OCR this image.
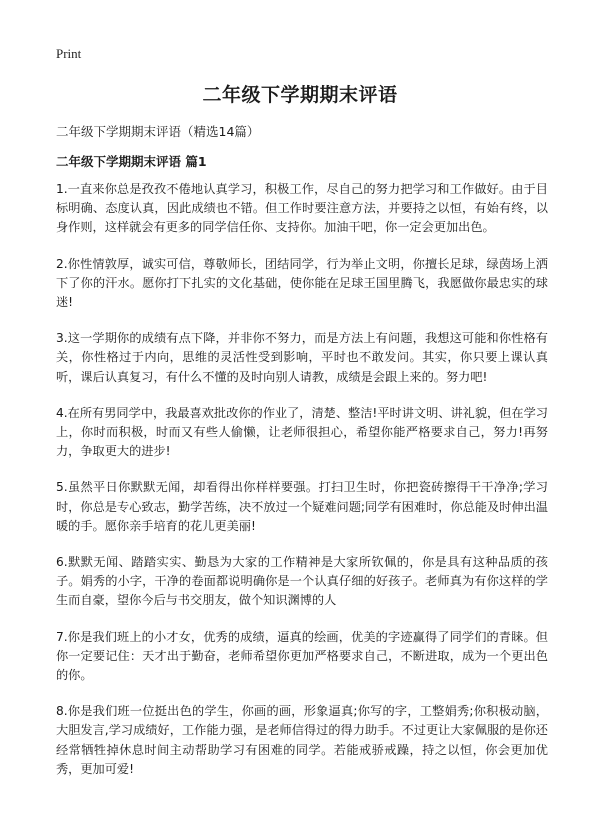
Print
二年级下学期期末评语
二年级下学期期末评语（精选14篇）
二年级下学期期末评语 篇1

1.一直来你总是孜孜不倦地认真学习，积极工作，尽自己的努力把学习和工作做好。由于目标明确、态度认真，因此成绩也不错。但工作时要注意方法，并要持之以恒，有始有终，以身作则，这样就会有更多的同学信任你、支持你。加油干吧，你一定会更加出色。

2.你性情敦厚，诚实可信，尊敬师长，团结同学，行为举止文明，你擅长足球，绿茵场上洒下了你的汗水。愿你打下扎实的文化基础，使你能在足球王国里腾飞，我愿做你最忠实的球迷!

3.这一学期你的成绩有点下降，并非你不努力，而是方法上有问题，我想这可能和你性格有关，你性格过于内向，思维的灵活性受到影响，平时也不敢发问。其实，你只要上课认真听，课后认真复习，有什么不懂的及时向别人请教，成绩是会跟上来的。努力吧!

4.在所有男同学中，我最喜欢批改你的作业了，清楚、整洁!平时讲文明、讲礼貌，但在学习上，你时而积极，时而又有些人偷懒，让老师很担心，希望你能严格要求自己，努力!再努力，争取更大的进步!

5.虽然平日你默默无闻，却看得出你样样要强。打扫卫生时，你把瓷砖擦得干干净净;学习时，你总是专心致志，勤学苦练，决不放过一个疑难问题;同学有困难时，你总能及时伸出温暖的手。愿你亲手培育的花儿更美丽!

6.默默无闻、踏踏实实、勤恳为大家的工作精神是大家所钦佩的，你是具有这种品质的孩子。娟秀的小字，干净的卷面都说明确你是一个认真仔细的好孩子。老师真为有你这样的学生而自豪，望你今后与书交朋友，做个知识渊博的人

7.你是我们班上的小才女，优秀的成绩，逼真的绘画，优美的字迹赢得了同学们的青睐。但你一定要记住：天才出于勤奋，老师希望你更加严格要求自己，不断进取，成为一个更出色的你。

8.你是我们班一位挺出色的学生，你画的画，形象逼真;你写的字，工整娟秀;你积极动脑，大胆发言,学习成绩好，工作能力强，是老师信得过的得力助手。不过更让大家佩服的是你还经常牺牲掉休息时间主动帮助学习有困难的同学。若能戒骄戒躁，持之以恒，你会更加优秀，更加可爱!
